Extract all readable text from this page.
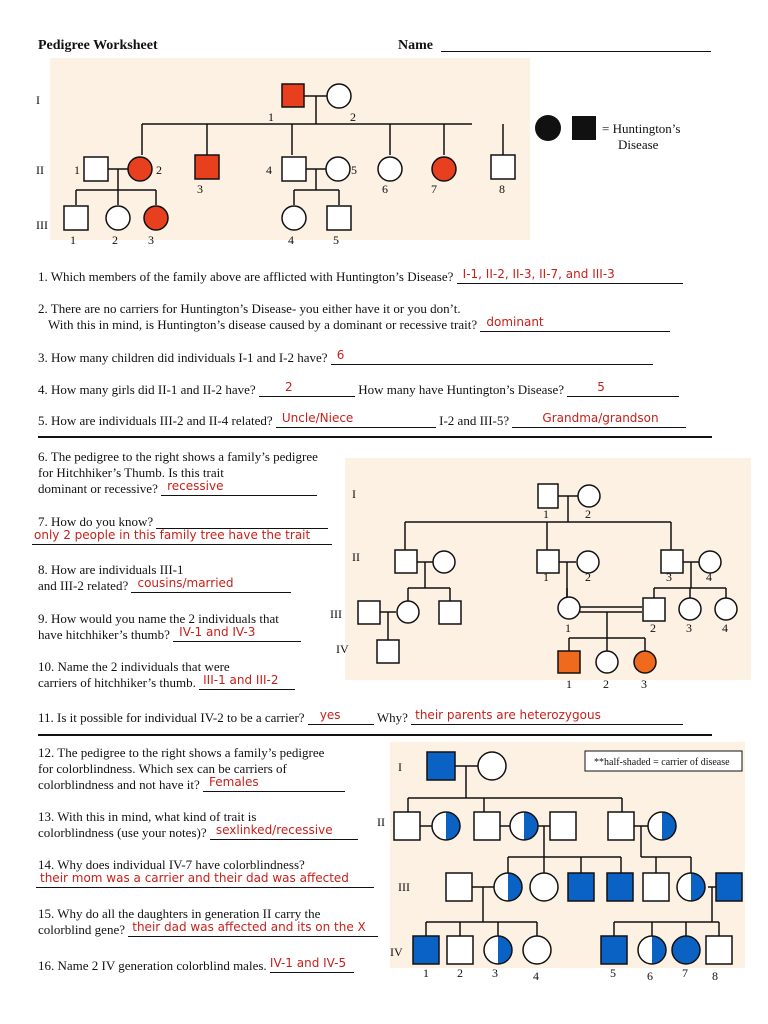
Pedigree Worksheet	Name
I
II
III
1	2
1	2
3
4	5
6	7	8
1	2	3	4	5
= Huntington’s
Disease
1. Which members of the family above are afflicted with Huntington’s Disease? I-1, II-2, II-3, II-7, and III-3
2. There are no carriers for Huntington’s Disease- you either have it or you don’t.
With this in mind, is Huntington’s disease caused by a dominant or recessive trait? dominant
3. How many children did individuals I-1 and I-2 have? 6
4. How many girls did II-1 and II-2 have? 2	How many have Huntington’s Disease?	5
5. How are individuals III-2 and II-4 related? Uncle/Niece	I-2 and III-5?	Grandma/grandson
I
II
III
IV
1	2
1	2	3	4
1	2	3	4
1	2	3
6. The pedigree to the right shows a family’s pedigree
for Hitchhiker’s Thumb. Is this trait
dominant or recessive? recessive
7. How do you know?
only 2 people in this family tree have the trait
8. How are individuals III-1
and III-2 related? cousins/married
9. How would you name the 2 individuals that
have hitchhiker’s thumb? IV-1 and IV-3
10. Name the 2 individuals that were
carriers of hitchhiker’s thumb. III-1 and III-2
11. Is it possible for individual IV-2 to be a carrier? yes	Why? their parents are heterozygous
**half-shaded = carrier of disease
I
II
III
IV
1 2 3	4	5	6 7 8
12. The pedigree to the right shows a family’s pedigree
for colorblindness. Which sex can be carriers of
colorblindness and not have it? Females
13. With this in mind, what kind of trait is
colorblindness (use your notes)? sexlinked/recessive
14. Why does individual IV-7 have colorblindness?
their mom was a carrier and their dad was affected
15. Why do all the daughters in generation II carry the
colorblind gene? their dad was affected and its on the X
16. Name 2 IV generation colorblind males. IV-1 and IV-5
